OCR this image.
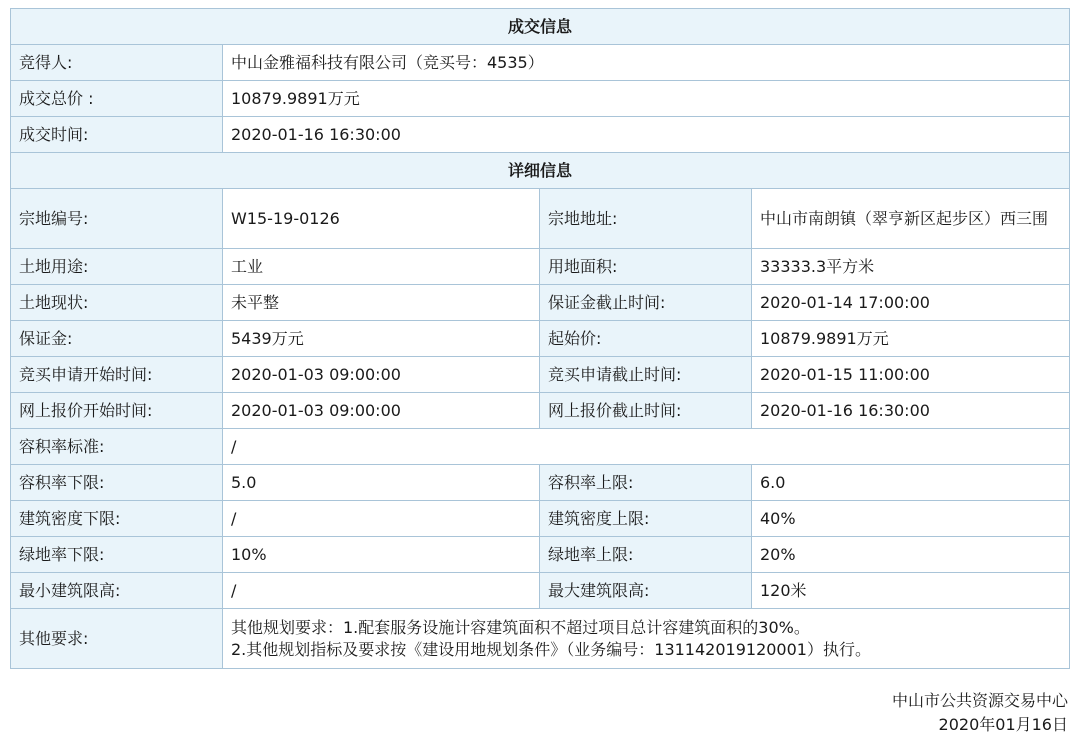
成交信息			
竞得人:	中山金雅福科技有限公司（竞买号：4535）		
成交总价 :	10879.9891万元		
成交时间:	2020-01-16 16:30:00		
详细信息			
宗地编号:	W15-19-0126	宗地地址:	中山市南朗镇（翠亨新区起步区）西三围
土地用途:	工业	用地面积:	33333.3平方米
土地现状:	未平整	保证金截止时间:	2020-01-14 17:00:00
保证金:	5439万元	起始价:	10879.9891万元
竞买申请开始时间:	2020-01-03 09:00:00	竞买申请截止时间:	2020-01-15 11:00:00
网上报价开始时间:	2020-01-03 09:00:00	网上报价截止时间:	2020-01-16 16:30:00
容积率标准:	/		
容积率下限:	5.0	容积率上限:	6.0
建筑密度下限:	/	建筑密度上限:	40%
绿地率下限:	10%	绿地率上限:	20%
最小建筑限高:	/	最大建筑限高:	120米
其他要求:	其他规划要求：1.配套服务设施计容建筑面积不超过项目总计容建筑面积的30%。
2.其他规划指标及要求按《建设用地规划条件》（业务编号：131142019120001）执行。		
中山市公共资源交易中心
2020年01月16日
